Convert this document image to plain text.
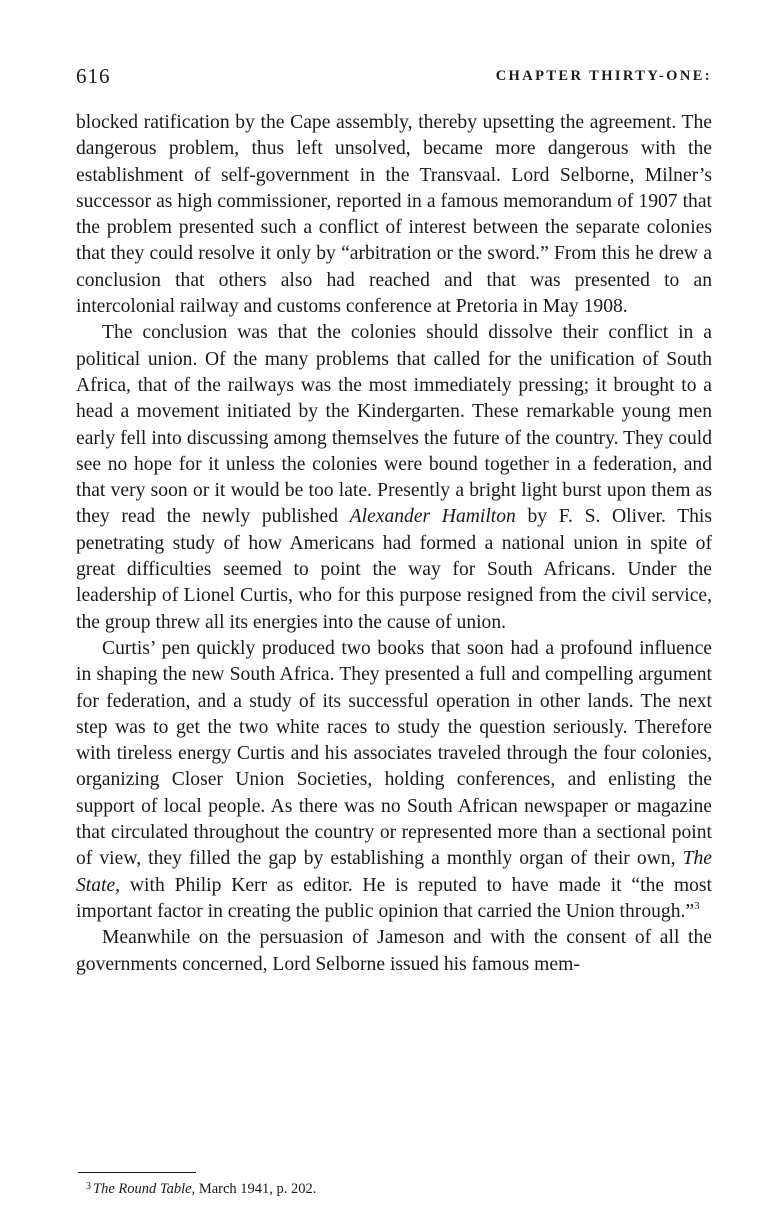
616	CHAPTER THIRTY-ONE:

blocked ratification by the Cape assembly, thereby upsetting the agreement. The dangerous problem, thus left unsolved, became more dangerous with the establishment of self-government in the Transvaal. Lord Selborne, Milner’s successor as high commissioner, reported in a famous memorandum of 1907 that the problem presented such a conflict of interest between the separate colonies that they could resolve it only by “arbitration or the sword.” From this he drew a conclusion that others also had reached and that was presented to an intercolonial railway and customs conference at Pretoria in May 1908.

The conclusion was that the colonies should dissolve their conflict in a political union. Of the many problems that called for the unification of South Africa, that of the railways was the most immediately pressing; it brought to a head a movement initiated by the Kindergarten. These remarkable young men early fell into discussing among themselves the future of the country. They could see no hope for it unless the colonies were bound together in a federation, and that very soon or it would be too late. Presently a bright light burst upon them as they read the newly published Alexander Hamilton by F. S. Oliver. This penetrating study of how Americans had formed a national union in spite of great difficulties seemed to point the way for South Africans. Under the leadership of Lionel Curtis, who for this purpose resigned from the civil service, the group threw all its energies into the cause of union.

Curtis’ pen quickly produced two books that soon had a profound influence in shaping the new South Africa. They presented a full and compelling argument for federation, and a study of its successful operation in other lands. The next step was to get the two white races to study the question seriously. Therefore with tireless energy Curtis and his associates traveled through the four colonies, organizing Closer Union Societies, holding conferences, and enlisting the support of local people. As there was no South African newspaper or magazine that circulated throughout the country or represented more than a sectional point of view, they filled the gap by establishing a monthly organ of their own, The State, with Philip Kerr as editor. He is reputed to have made it “the most important factor in creating the public opinion that carried the Union through.”$^3$

Meanwhile on the persuasion of Jameson and with the consent of all the governments concerned, Lord Selborne issued his famous mem-

$^3$ The Round Table, March 1941, p. 202.
